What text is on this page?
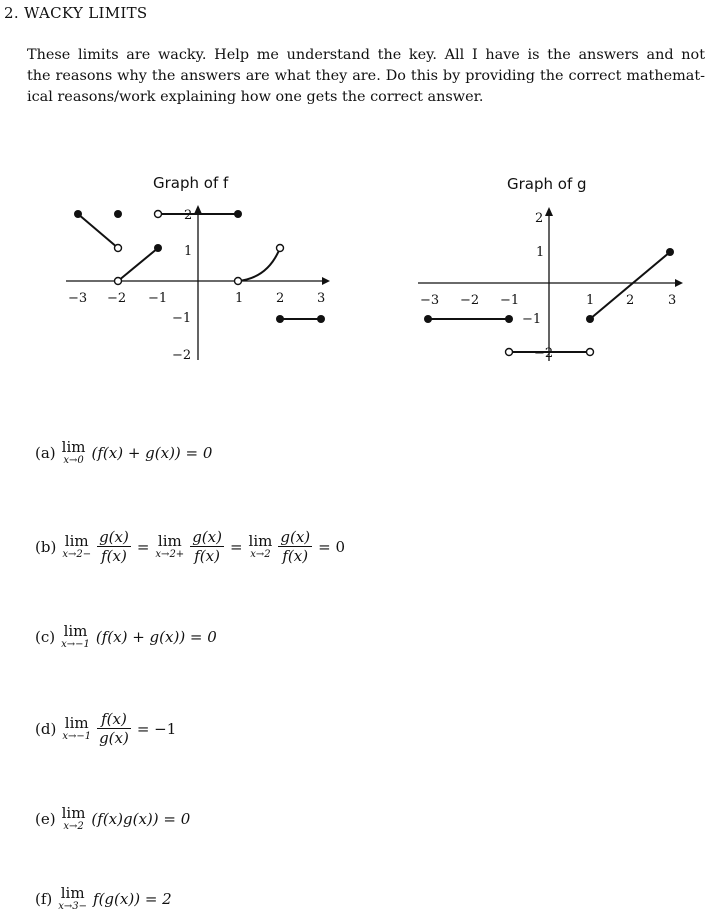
2. WACKY LIMITS

These limits are wacky. Help me understand the key. All I have is the answers and not
the reasons why the answers are what they are. Do this by providing the correct mathemat-
ical reasons/work explaining how one gets the correct answer.

Graph of f
−3 −2 −1	1	2	3
2
1
−1
−2
Graph of g
−3 −2 −1	1 2	3
2
1
−1
−2
(a) lim
x→0 (f(x) + g(x)) = 0
(b) lim
$x\to 2- \frac{g(x)}{f(x)} = \lim$
$x\to 2+ \frac{g(x)}{f(x)} = \lim$
$x\to 2 \frac{g(x)}{f(x)} = 0$
(c) lim
x→−1 (f(x) + g(x)) = 0
(d) lim
$x\to-1 \frac{f(x)}{g(x)} = -1$
(e) lim
x→2 (f(x)g(x)) = 0
(f) lim
x→3− f(g(x)) = 2
